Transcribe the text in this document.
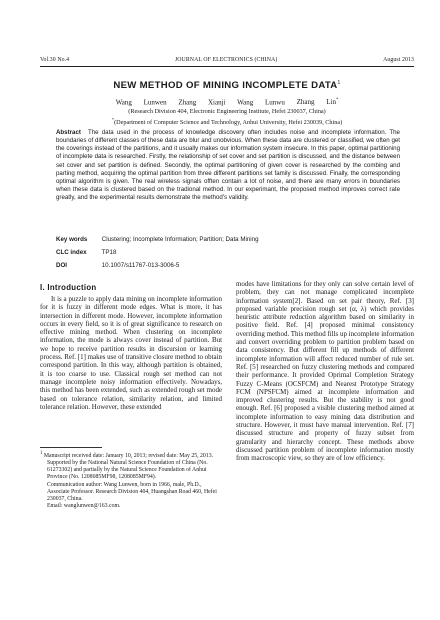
Vol.30 No.4	JOURNAL OF ELECTRONICS (CHINA)	August 2013
NEW METHOD OF MINING INCOMPLETE DATA$^1$
Wang Lunwen Zhang Xianji Wang Lunwu Zhang Lin*
(Research Division 404, Electronic Engineering Institute, Hefei 230037, China)
*(Department of Computer Science and Technology, Anhui University, Hefei 230039, China)
Abstract The data used in the process of knowledge discovery often includes noise and incomplete information. The boundaries of different classes of these data are blur and unobvious. When these data are clustered or classified, we often get the coverings instead of the partitions, and it usually makes our information system insecure. In this paper, optimal partitioning of incomplete data is researched. Firstly, the relationship of set cover and set partition is discussed, and the distance between set cover and set partition is defined. Secondly, the optimal partitioning of given cover is researched by the combing and parting method, acquiring the optimal partition from three different partitions set family is discussed. Finally, the corresponding optimal algorithm is given. The real wireless signals offten contain a lot of noise, and there are many errors in boundaries when these data is clustered based on the tradional method. In our experimant, the proposed method improves correct rate greatly, and the experimental results demonstrate the method's validity.
Key words Clustering; Incomplete Information; Partition; Data Mining
CLC index TP18
DOI	10.1007/s11767-013-3006-5
I. Introduction

It is a puzzle to apply data mining on incomplete information for it is fuzzy in different mode edges. What is more, it has intersection in different mode. However, incomplete information occurs in every field, so it is of great significance to research on effective mining method. When clustering on incomplete information, the mode is always cover instead of partition. But we hope to receive partition results in discursion or learning process. Ref. [1] makes use of transitive closure method to obtain correspond partition. In this way, although partition is obtained, it is too coarse to use. Classical rough set method can not manage incomplete noisy information effectively. Nowadays, this method has been extended, such as extended rough set mode based on tolerance relation, similarity relation, and limited tolerance relation. However, these extended

modes have limitations for they only can solve certain level of problem, they can not manage complicated incomplete information system[2]. Based on set pair theory, Ref. [3] proposed variable precision rough set (α, λ) which provides heuristic attribute reduction algorithm based on similarity in positive field. Ref. [4] proposed minimal consistency overriding method. This method fills up incomplete information and convert overriding problem to partition problem based on data consistency. But different fill up methods of different incomplete information will affect reduced number of rule set. Ref. [5] researched on fuzzy clustering methods and compared their performance. It provided Oprimal Completion Strategy Fuzzy C-Means (OCSFCM) and Nearest Prototype Strategy FCM (NPSFCM) aimed at incomplete information and improved clustering results. But the stability is not good enough. Ref. [6] proposed a visible clustering method aimed at incomplete information to easy mining data distribution and structure. However, it must have manual intervention. Ref. [7] discussed structure and property of fuzzy subset from granularity and hierarchy concept. These methods above discussed partition problem of incomplete information mostly from macroscopic view, so they are of low efficiency.

$^1$ Manuscript received date: January 10, 2013; revised date: May 25, 2013.

Supported by the National Natural Science Foundation of China (No. 61273302) and partially by the Natural Science Foundation of Anhui Province (No. 1208085MF98, 1208085MF94).

Communication author: Wang Lunwen, born in 1966, male, Ph.D., Associate Professor. Research Division 404, Huangshan Road 460, Hefei 230037, China.

Email: wanglunwen@163.com.
